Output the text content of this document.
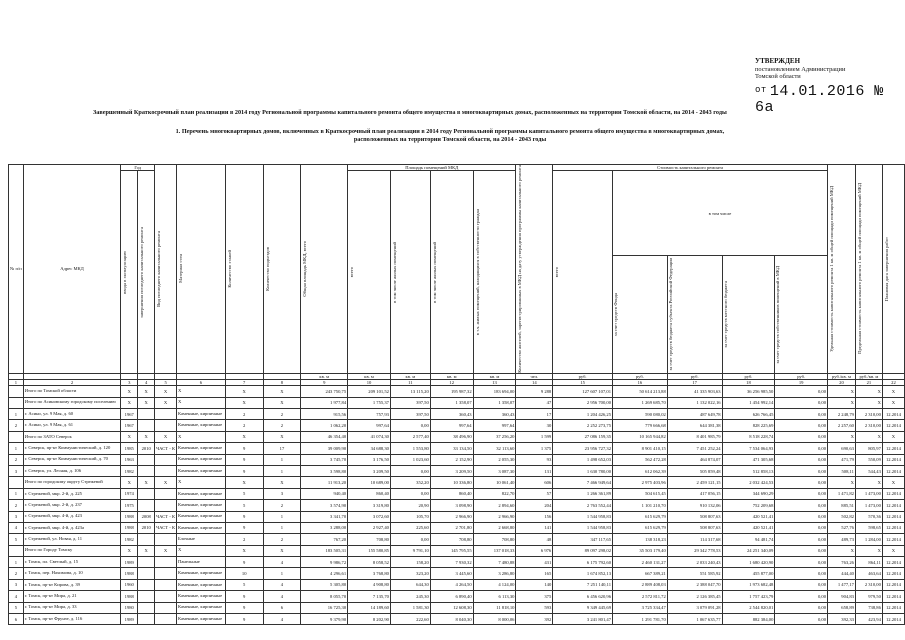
УТВЕРЖДЕН
постановлением Администрации
Томской области
$^{от}$ 14.01.2016 № 6а
Завершенный Краткосрочный план реализации в 2014 году Региональной программы капитального ремонта общего имущества в многоквартирных домах, расположенных на территории Томской области, на 2014 - 2043 годы
1. Перечень многоквартирных домов, включенных в Краткосрочный план реализации в 2014 году Региональной программы капитального ремонта общего имущества в многоквартирных домах,
расположенных на территории Томской области, на 2014 - 2043 годы
№ п/п	Адрес МКД	Год		Вид последнего капитального ремонта	Материал стен	Количество этажей	Количество подъездов	Общая площадь МКД, всего	Площадь помещений МКД				Количество жителей, зарегистрированных в МКД на дату утверждения программы капитального ремонта	Стоимость капитального ремонта					Удельная стоимость капитального ремонта 1 кв. м общей площади помещений МКД	Предельная стоимость капитального ремонта 1 кв. м общей площади помещений МКД	Плановая дата завершения работ

		ввода в эксплуатацию	завершения последнего капитального ремонта						всего	в том числе жилых помещений	в том числе жилых помещений	в т.ч. жилых помещений, находящихся в собственности граждан		всего	в том числе						

															за счет средств Фонда	за счет средств бюджета субъекта Российской Федерации	за счет средств местного бюджета	за счет средств собственников помещений в МКД			

								кв. м	кв. м	кв. м	кв. м	кв. м	чел.	руб.	руб.	руб.	руб.	руб.	руб./кв. м	руб./кв. м	
1	2	3	4	5	6	7	8	9	10	11	12	13	14	15	16	17	18	19	20	21	22
	Итого по Томской области	X	X	X	X	X	X	243 750,75	209 101,52	13 115,20	195 987,32	183 694,00	9 288	127 607 107,01	50 614 213,88	41 335 903,63	36 256 985,50	0,00	X	X	X
	Итого по Асиновскому городскому поселению	X	X	X	X	X	X	1 977,84	1 755,37	397,50	1 358,07	1 358,07	47	2 956 700,00	1 269 685,70	1 132 022,16	1 454 992,14	0,00	X	X	X
1	г. Асино, ул. 9 Мая, д. 60	1967			Каменные, кирпичные	2	2	915,56	757,93	397,50	360,43	360,43	17	1 204 426,25	590 080,02	487 649,78	626 766,45	0,00	2 248,79	2 310,00	12.2014
2	г. Асино, ул. 9 Мая, д. 61	1967			Каменные, кирпичные	2	2	1 062,20	997,64	0,00	997,64	997,64	30	2 252 273,75	779 666,68	644 381,38	828 225,69	0,00	2 257,60	2 310,00	12.2014
	Итого по ЗАТО Северск	X	X	X	X	X	X	46 354,40	41 074,30	2 577,40	38 496,90	37 256,20	1 599	27 086 159,35	10 165 944,82	8 401 985,79	8 518 228,74	0,00	X	X	X
1	г. Северск, пр-кт Коммунистический, д. 120	1985	2010	ЧАСТ - К	Каменные, кирпичные	9	17	39 009,90	34 688,30	1 553,80	33 134,50	32 113,60	1 375	23 956 727,32	8 901 410,15	7 451 252,24	7 534 064,93	0,00	690,63	805,97	12.2014
2	г. Северск, пр-кт Коммунистический, д. 70	1963			Каменные, кирпичные	9	1	3 745,70	3 176,50	1 023,60	2 152,90	2 055,30	93	1 498 652,03	562 472,28	464 874,07	471 305,68	0,00	471,79	550,09	12.2014
3	г. Северск, ул. Лесная, д. 106	1982			Каменные, кирпичные	9	1	3 598,80	3 209,50	0,00	3 209,50	3 087,30	131	1 630 780,00	612 062,39	505 859,48	512 858,13	0,00	508,11	544,43	12.2014
	Итого по городскому округу Стрежевой	X	X	X	X	X	X	11 913,20	10 689,00	352,20	10 336,80	10 061,40	606	7 466 949,64	2 975 403,96	2 459 121,15	2 032 424,53	0,00	X	X	X
1	г. Стрежевой, мкр. 2-й, д. 225	1974			Каменные, кирпичные	5	3	940,40	860,40	0,00	860,40	822,70	57	1 266 361,89	504 615,45	417 056,15	344 690,29	0,00	1 471,82	1 473,00	12.2014
2	г. Стрежевой, мкр. 2-й, д. 237	1975			Каменные, кирпичные	5	2	3 574,90	3 319,80	20,90	3 098,90	2 894,60	204	2 763 552,44	1 101 210,70	910 132,06	752 209,68	0,00	885,51	1 473,00	12.2014
3	г. Стрежевой, мкр. 4-й, д. 423	1988	2008	ЧАСТ - К	Каменные, кирпичные	9	1	3 341,70	3 072,60	105,70	2 966,90	2 966,90	156	1 544 958,83	615 629,79	508 807,63	420 521,41	0,00	502,82	570,36	12.2014
4	г. Стрежевой, мкр. 4-й, д. 423а	1988	2010	ЧАСТ - К	Каменные, кирпичные	9	1	3 288,00	2 927,40	225,60	2 701,80	2 668,80	141	1 544 958,83	615 629,79	508 807,63	420 521,41	0,00	527,76	598,65	12.2014
5	г. Стрежевой, ул. Новая, д. 11	1982			Блочные	2	2	767,20	708,80	0,00	708,80	708,80	48	347 117,65	138 318,23	114 317,68	94 481,74	0,00	489,73	1 284,00	12.2014
	Итого по Городу Томску	X	X	X	X	X	X	183 505,31	155 580,85	9 791,10	145 795,55	137 018,33	6 976	89 097 298,02	35 503 179,40	29 342 778,53	24 251 340,09	0,00	X	X	X
1	г. Томск, пл. Светлый, д. 15	1989			Панельные	9	4	9 986,72	8 058,52	158,20	7 930,32	7 480,88	431	6 175 792,60	2 460 131,27	2 033 240,43	1 680 420,90	0,00	763,26	864,11	12.2014
2	г. Томск, пер. Нахимова, д. 10	1988			Каменные, кирпичные	10	1	4 296,61	3 768,80	323,20	3 445,60	3 286,80	165	1 674 852,13	667 389,21	551 585,92	455 877,00	0,00	444,40	463,64	12.2014
3	г. Томск, пр-кт Кирова, д. 39	1960			Каменные, кирпичные	5	4	5 305,80	4 908,80	644,30	4 264,50	4 124,00	140	7 251 140,11	2 889 408,03	2 388 047,70	1 973 682,48	0,00	1 477,17	2 310,00	12.2014
4	г. Томск, пр-кт Мира, д. 21	1988			Каменные, кирпичные	9	4	8 055,70	7 135,70	245,30	6 890,40	6 113,30	375	6 456 620,96	2 572 811,72	2 126 385,45	1 757 423,79	0,00	904,83	979,50	12.2014
5	г. Томск, пр-кт Мира, д. 33	1980			Каменные, кирпичные	9	6	16 725,30	14 189,60	1 581,30	12 608,30	11 818,10	593	9 349 445,69	3 725 334,47	3 079 091,28	2 544 820,01	0,00	658,89	738,86	12.2014
6	г. Томск, пр-кт Фрунзе, д. 116	1989			Каменные, кирпичные	9	4	9 379,90	8 202,90	222,60	8 040,30	8 000,06	392	3 241 801,47	1 291 781,70	1 067 635,77	882 384,00	0,00	392,33	423,94	12.2014
